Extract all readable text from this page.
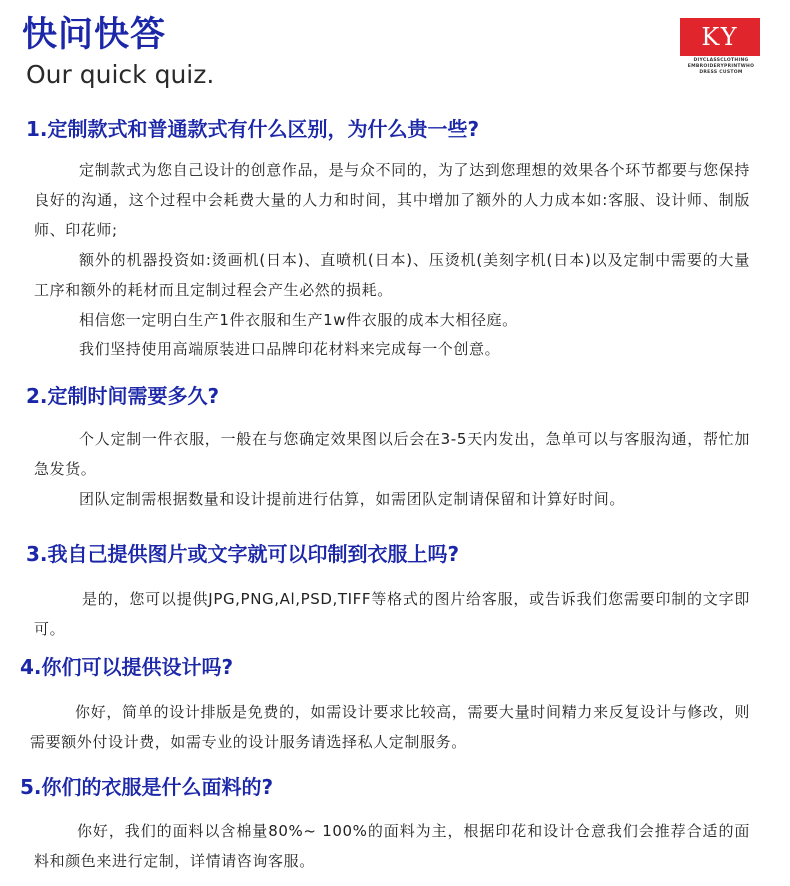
快问快答
Our quick quiz.
KY
DIYCLASSCLOTHING
EMBROIDERYPRINTWHO
DRESS CUSTOM
1.定制款式和普通款式有什么区别，为什么贵一些?
定制款式为您自己设计的创意作品，是与众不同的，为了达到您理想的效果各个环节都要与您保持良好的沟通，这个过程中会耗费大量的人力和时间，其中增加了额外的人力成本如:客服、设计师、制版师、印花师;
额外的机器投资如:烫画机(日本)、直喷机(日本)、压烫机(美刻字机(日本)以及定制中需要的大量工序和额外的耗材而且定制过程会产生必然的损耗。
相信您一定明白生产1件衣服和生产1w件衣服的成本大相径庭。
我们坚持使用高端原装进口品牌印花材料来完成每一个创意。
2.定制时间需要多久?
个人定制一件衣服，一般在与您确定效果图以后会在3-5天内发出，急单可以与客服沟通，帮忙加急发货。
团队定制需根据数量和设计提前进行估算，如需团队定制请保留和计算好时间。
3.我自己提供图片或文字就可以印制到衣服上吗?
是的，您可以提供JPG,PNG,Al,PSD,TIFF等格式的图片给客服，或告诉我们您需要印制的文字即可。
4.你们可以提供设计吗?
你好，简单的设计排版是免费的，如需设计要求比较高，需要大量时间精力来反复设计与修改，则需要额外付设计费，如需专业的设计服务请选择私人定制服务。
5.你们的衣服是什么面料的?
你好，我们的面料以含棉量80%~ 100%的面料为主，根据印花和设计仓意我们会推荐合适的面料和颜色来进行定制，详情请咨询客服。
